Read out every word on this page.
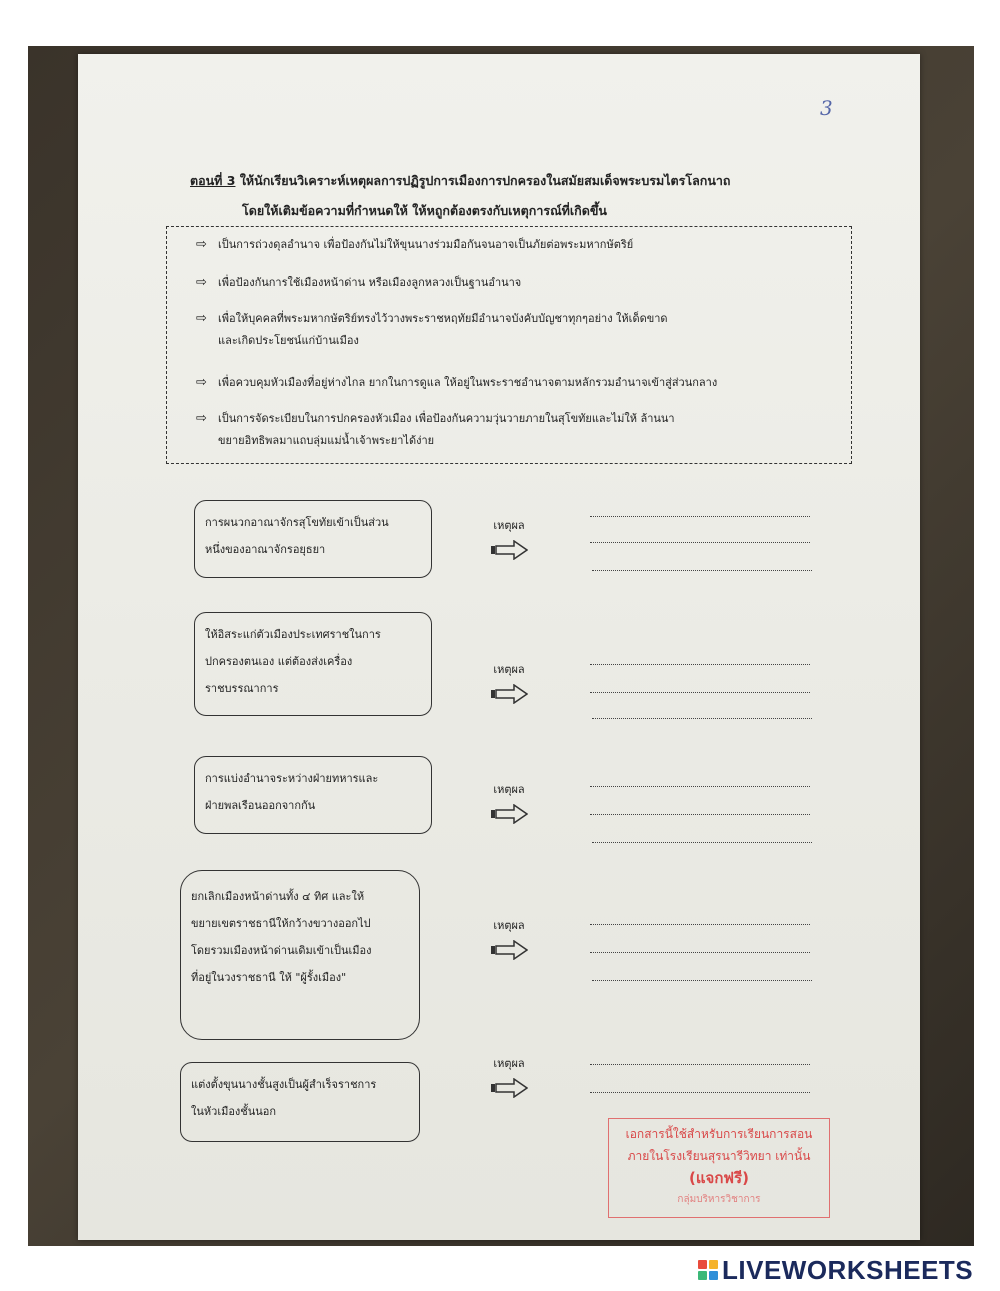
3
ตอนที่ 3 ให้นักเรียนวิเคราะห์เหตุผลการปฏิรูปการเมืองการปกครองในสมัยสมเด็จพระบรมไตรโลกนาถ
โดยให้เติมข้อความที่กำหนดให้ ให้หถูกต้องตรงกับเหตุการณ์ที่เกิดขึ้น
⇨ เป็นการถ่วงดุลอำนาจ เพื่อป้องกันไม่ให้ขุนนางร่วมมือกันจนอาจเป็นภัยต่อพระมหากษัตริย์
⇨ เพื่อป้องกันการใช้เมืองหน้าด่าน หรือเมืองลูกหลวงเป็นฐานอำนาจ
⇨ เพื่อให้บุคคลที่พระมหากษัตริย์ทรงไว้วางพระราชหฤทัยมีอำนาจบังคับบัญชาทุกๆอย่าง ให้เด็ดขาด
และเกิดประโยชน์แก่บ้านเมือง
⇨ เพื่อควบคุมหัวเมืองที่อยู่ห่างไกล ยากในการดูแล ให้อยู่ในพระราชอำนาจตามหลักรวมอำนาจเข้าสู่ส่วนกลาง
⇨ เป็นการจัดระเบียบในการปกครองหัวเมือง เพื่อป้องกันความวุ่นวายภายในสุโขทัยและไม่ให้ ล้านนา
ขยายอิทธิพลมาแถบลุ่มแม่น้ำเจ้าพระยาได้ง่าย
การผนวกอาณาจักรสุโขทัยเข้าเป็นส่วน
หนึ่งของอาณาจักรอยุธยา
เหตุผล
ให้อิสระแก่ตัวเมืองประเทศราชในการ
ปกครองตนเอง แต่ต้องส่งเครื่อง
ราชบรรณาการ
เหตุผล
การแบ่งอำนาจระหว่างฝ่ายทหารและ
ฝ่ายพลเรือนออกจากกัน
เหตุผล
ยกเลิกเมืองหน้าด่านทั้ง ๔ ทิศ และให้
ขยายเขตราชธานีให้กว้างขวางออกไป
โดยรวมเมืองหน้าด่านเดิมเข้าเป็นเมือง
ที่อยู่ในวงราชธานี ให้ "ผู้รั้งเมือง"
เหตุผล
แต่งตั้งขุนนางชั้นสูงเป็นผู้สำเร็จราชการ
ในหัวเมืองชั้นนอก
เหตุผล
เอกสารนี้ใช้สำหรับการเรียนการสอน
ภายในโรงเรียนสุรนารีวิทยา เท่านั้น
(แจกฟรี)
กลุ่มบริหารวิชาการ
LIVEWORKSHEETS
